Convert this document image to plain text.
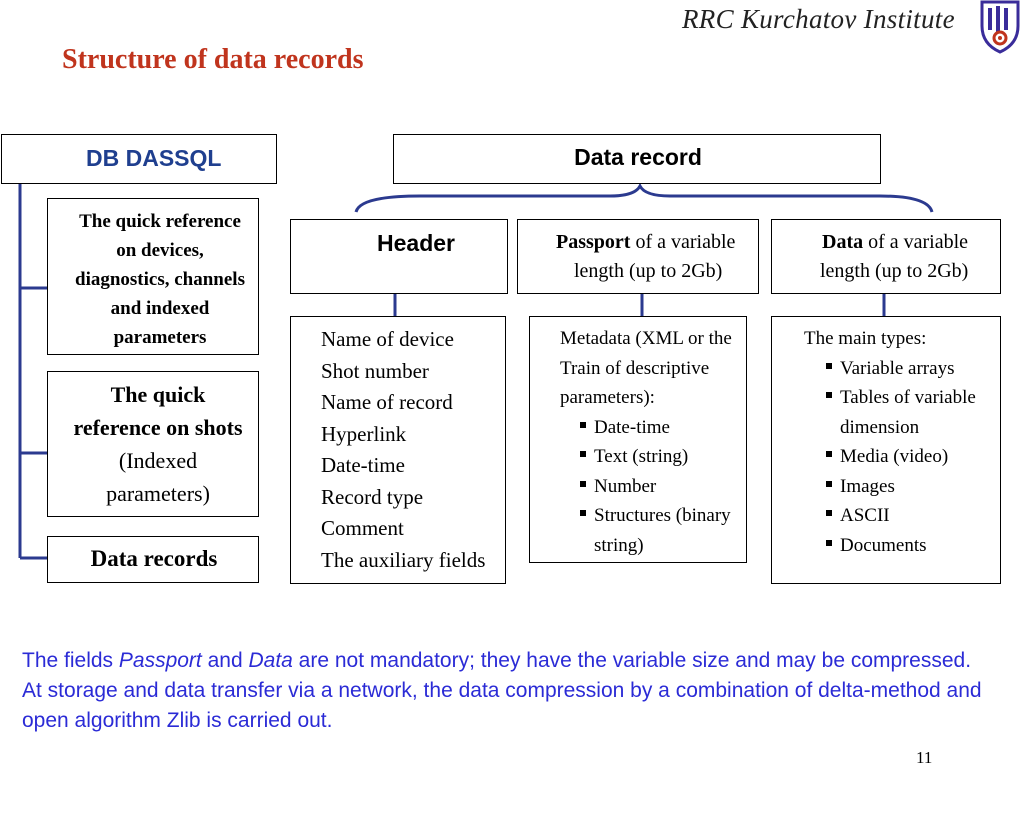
Structure of data records
RRC Kurchatov Institute
DB DASSQL
The quick reference
on devices,
diagnostics, channels
and indexed
parameters
The quick
reference on shots
(Indexed
parameters)
Data records
Data record
Header	Passport of a variable
length (up to 2Gb)
Data of a variable
length (up to 2Gb)
Name of device
Shot number
Name of record
Hyperlink
Date-time
Record type
Comment
The auxiliary fields
Metadata (XML or the
Train of descriptive
parameters):
Date-time
Text (string)
Number
Structures (binary string)
The main types:
Variable arrays
Tables of variable dimension
Media (video)
Images
ASCII
Documents
The fields Passport and Data are not mandatory; they have the variable size and may be compressed.
At storage and data transfer via a network, the data compression by a combination of delta-method and open algorithm Zlib is carried out.
11
